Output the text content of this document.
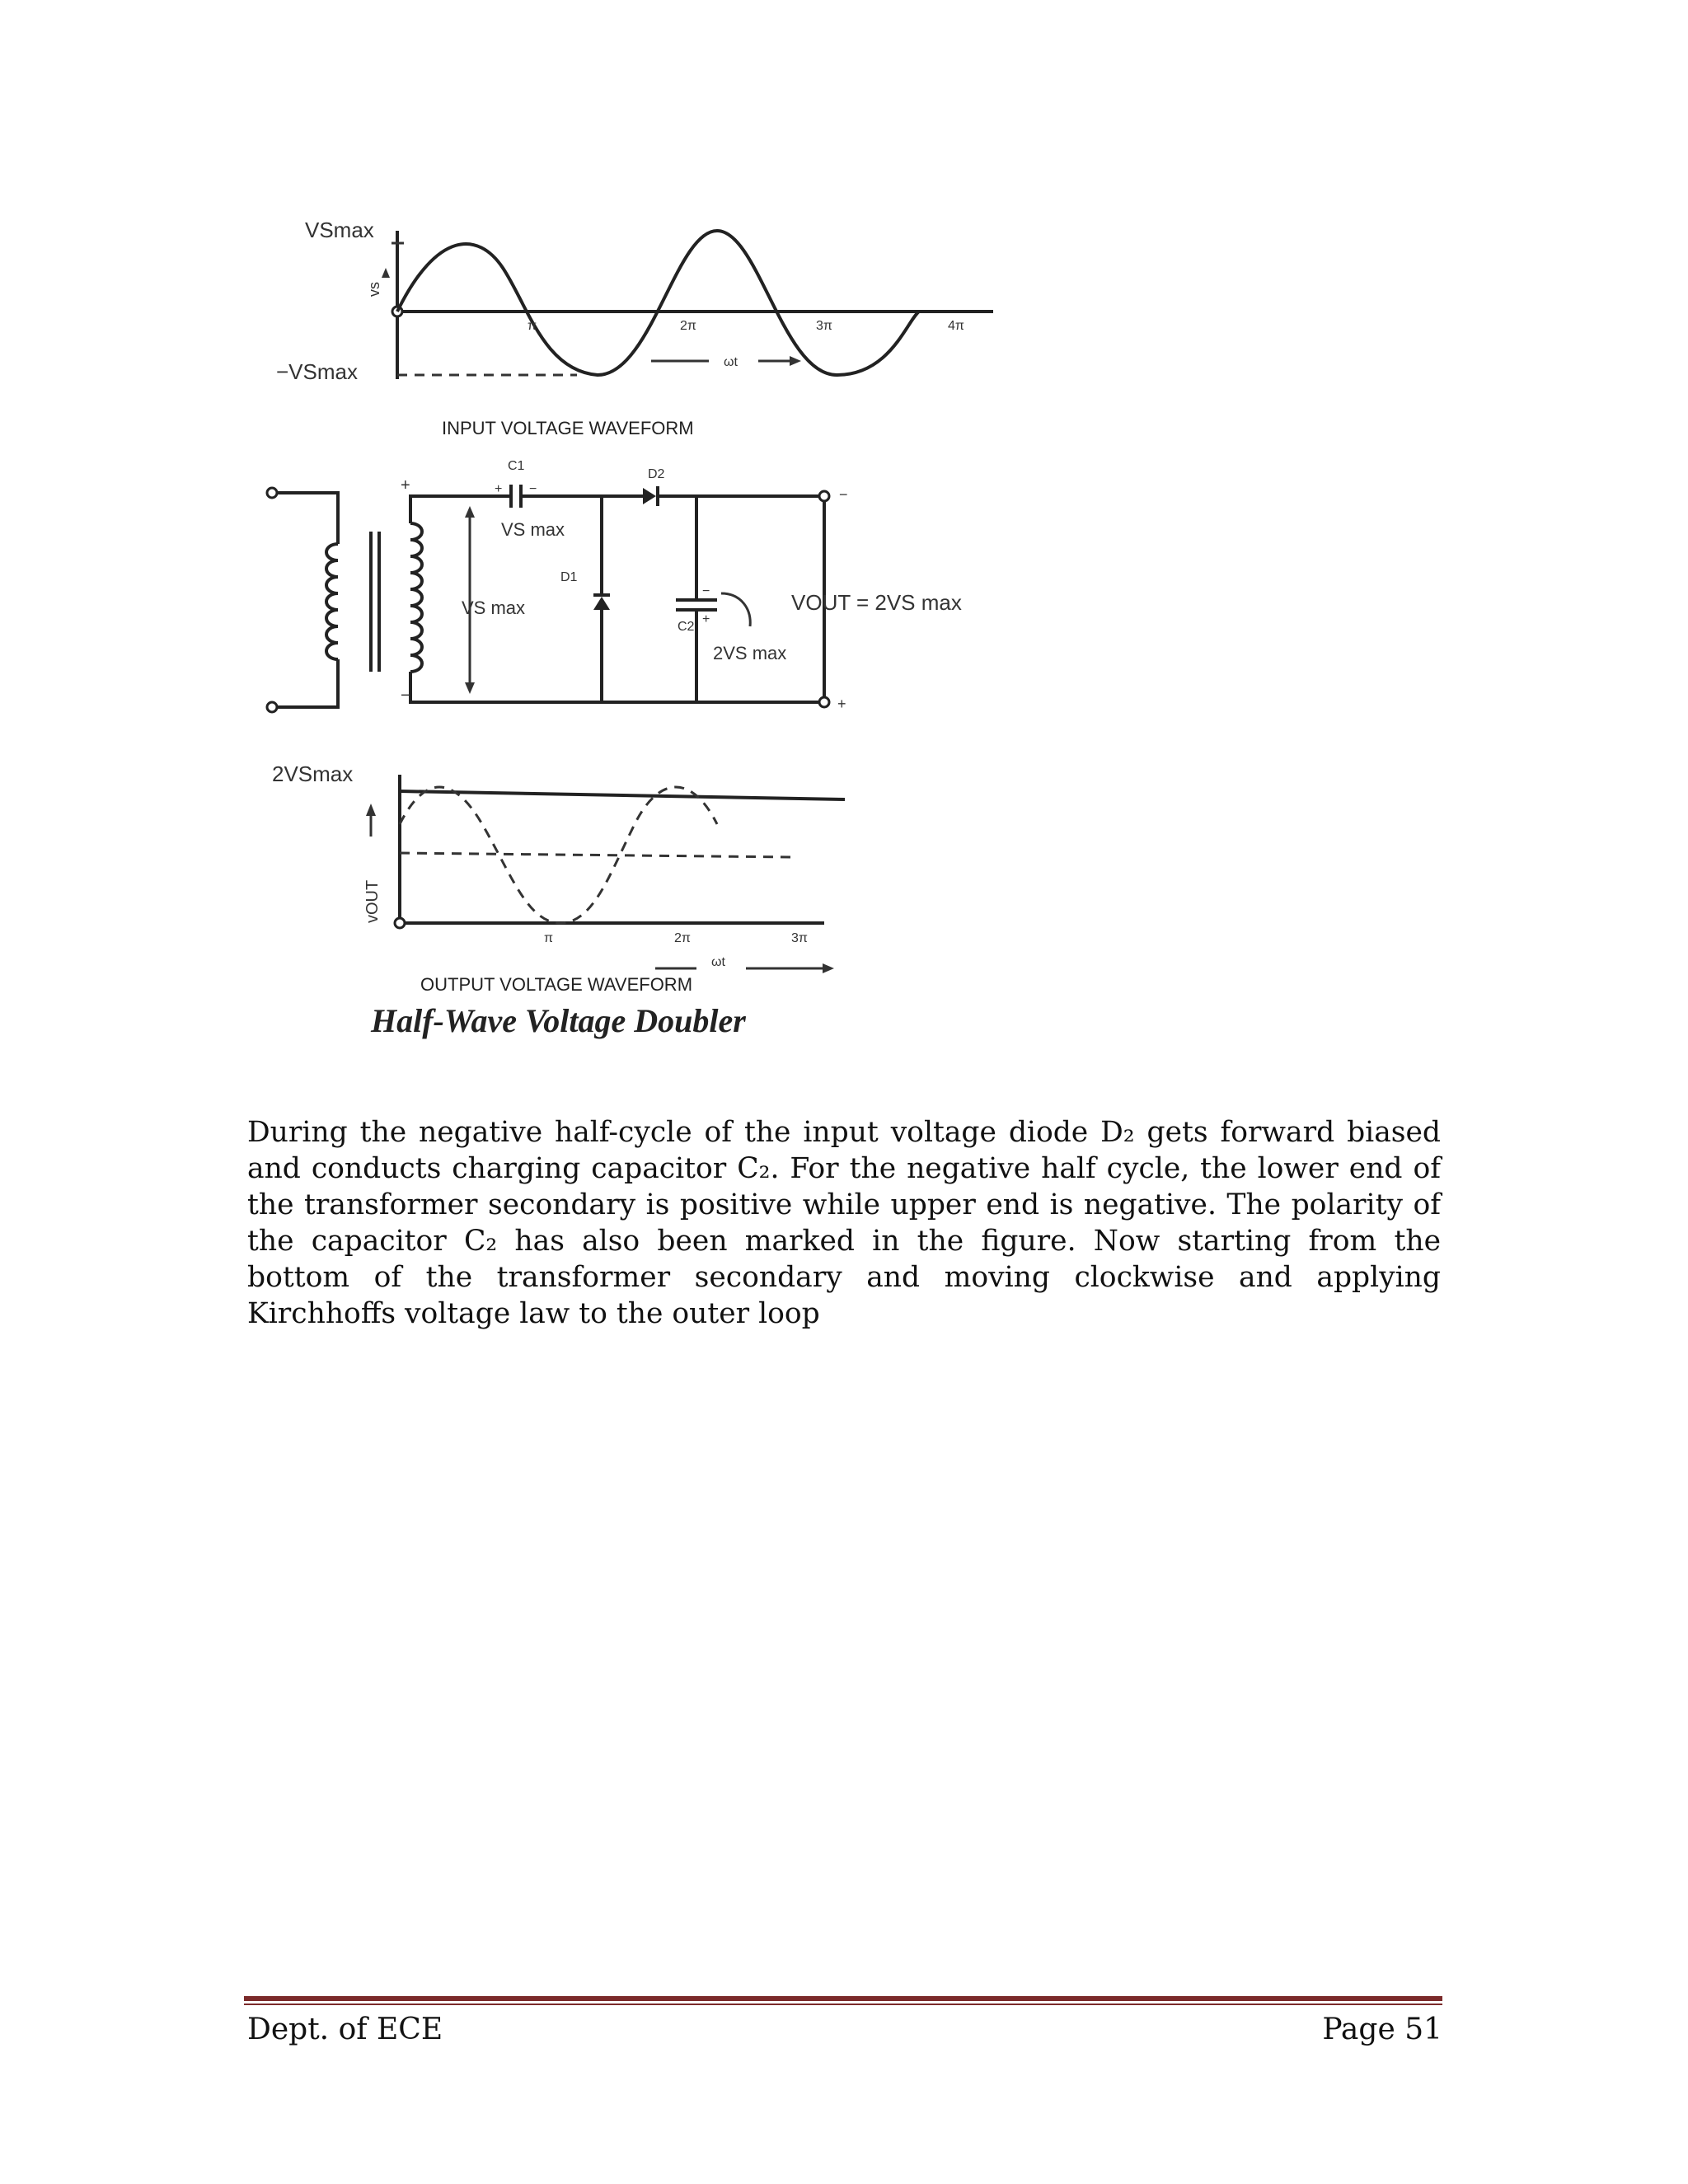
VSmax
−VSmax
vs
π	2π	3π	4π
ωt
INPUT VOLTAGE WAVEFORM
+
−
C1
+ −
VS max
D2
D1
VS max
C2
−
+
2VS max
−
+
VOUT = 2VS max
2VSmax
vOUT
π	2π	3π
ωt
OUTPUT VOLTAGE WAVEFORM
Half-Wave Voltage Doubler

During the negative half-cycle of the input voltage diode D₂ gets forward biased and conducts charging capacitor C₂. For the negative half cycle, the lower end of the transformer secondary is positive while upper end is negative. The polarity of the capacitor C₂ has also been marked in the figure. Now starting from the bottom of the transformer secondary and moving clockwise and applying Kirchhoffs voltage law to the outer loop

Dept. of ECE	Page 51
